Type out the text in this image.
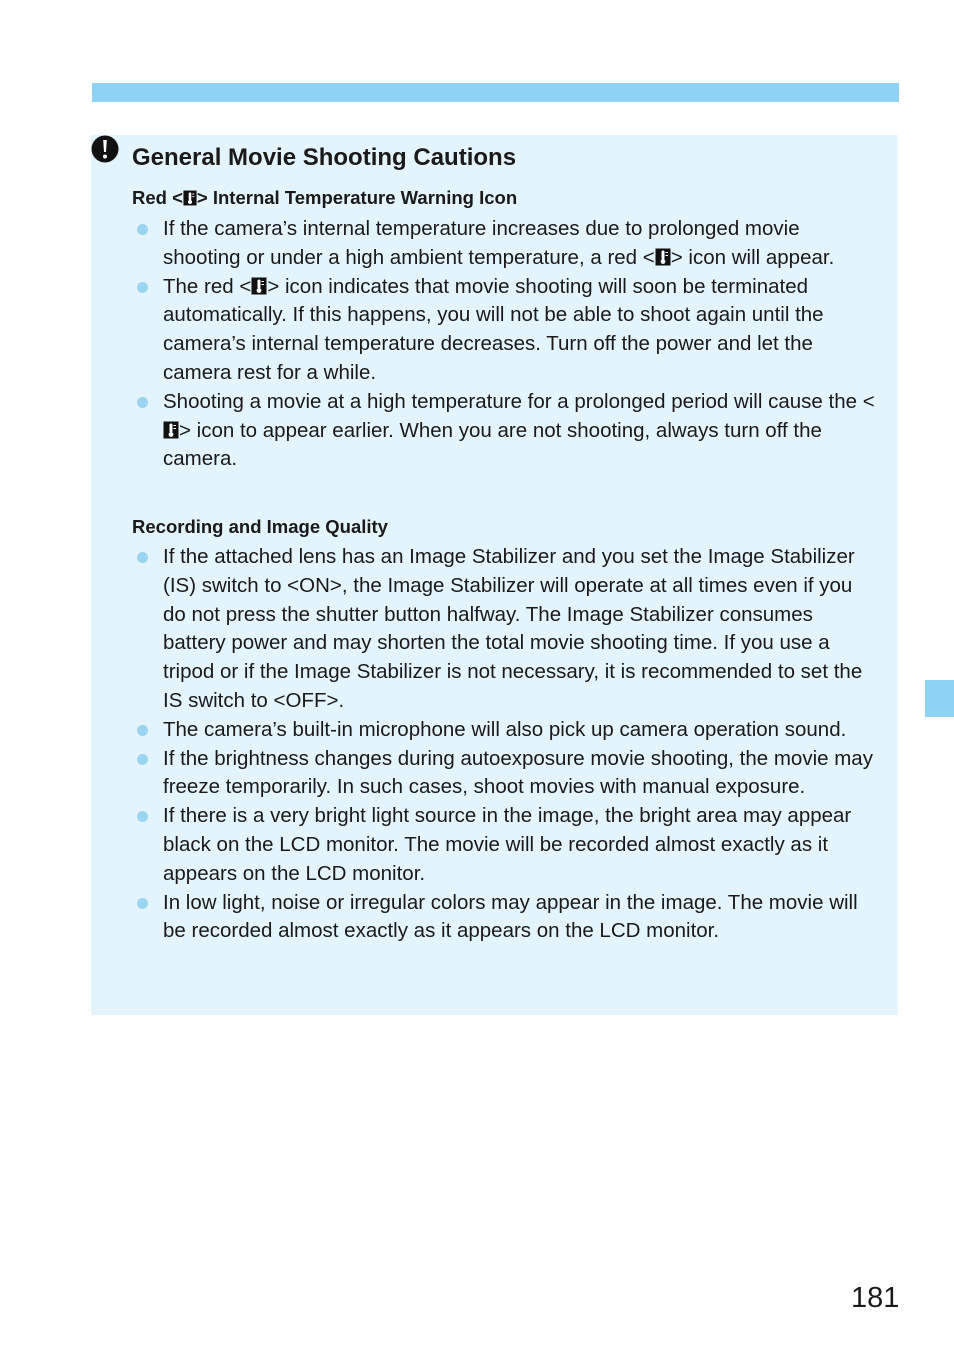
General Movie Shooting Cautions
Red < > Internal Temperature Warning Icon
If the camera’s internal temperature increases due to prolonged movie shooting or under a high ambient temperature, a red < > icon will appear.
The red < > icon indicates that movie shooting will soon be terminated automatically. If this happens, you will not be able to shoot again until the camera’s internal temperature decreases. Turn off the power and let the camera rest for a while.
Shooting a movie at a high temperature for a prolonged period will cause the <> icon to appear earlier. When you are not shooting, always turn off the camera.
Recording and Image Quality
If the attached lens has an Image Stabilizer and you set the Image Stabilizer (IS) switch to <ON>, the Image Stabilizer will operate at all times even if you do not press the shutter button halfway. The Image Stabilizer consumes battery power and may shorten the total movie shooting time. If you use a tripod or if the Image Stabilizer is not necessary, it is recommended to set the IS switch to <OFF>.
The camera’s built-in microphone will also pick up camera operation sound.
If the brightness changes during autoexposure movie shooting, the movie may freeze temporarily. In such cases, shoot movies with manual exposure.
If there is a very bright light source in the image, the bright area may appear black on the LCD monitor. The movie will be recorded almost exactly as it appears on the LCD monitor.
In low light, noise or irregular colors may appear in the image. The movie will be recorded almost exactly as it appears on the LCD monitor.
181
